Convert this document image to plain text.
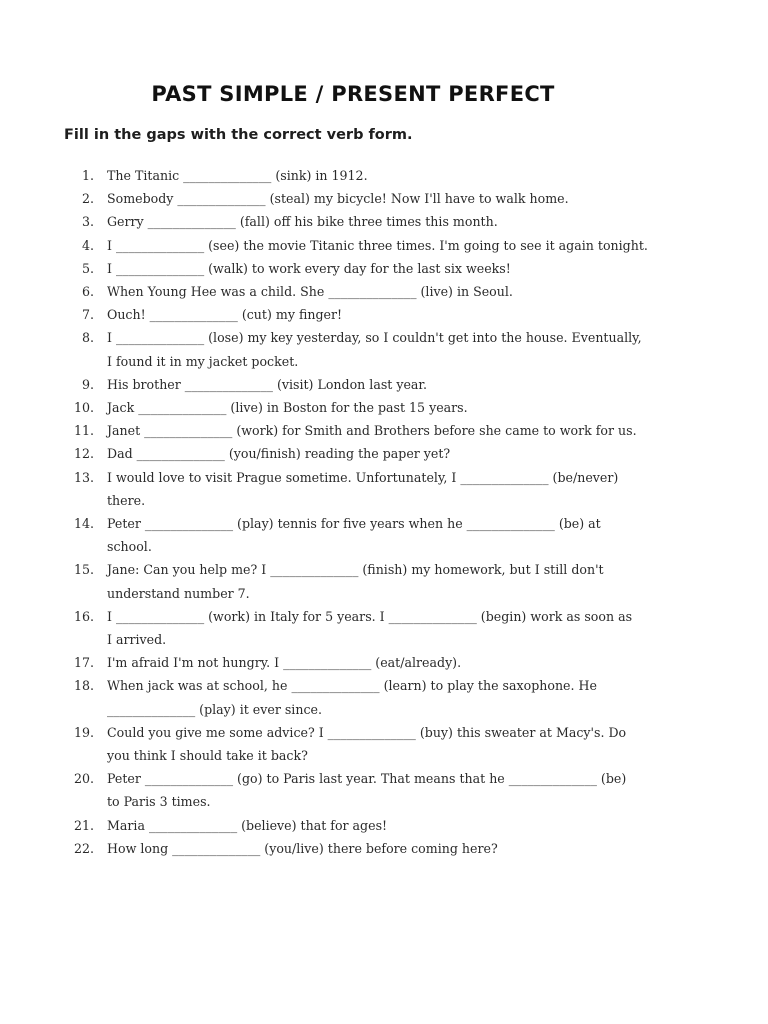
PAST SIMPLE / PRESENT PERFECT
Fill in the gaps with the correct verb form.
1.	The Titanic ______________ (sink) in 1912.
2.	Somebody ______________ (steal) my bicycle! Now I'll have to walk home.
3.	Gerry ______________ (fall) off his bike three times this month.
4.	I ______________ (see) the movie Titanic three times. I'm going to see it again tonight.
5.	I ______________ (walk) to work every day for the last six weeks!
6.	When Young Hee was a child. She ______________ (live) in Seoul.
7.	Ouch! ______________ (cut) my finger!
8.	I ______________ (lose) my key yesterday, so I couldn't get into the house. Eventually,
I found it in my jacket pocket.
9.	His brother ______________ (visit) London last year.
10.	Jack ______________ (live) in Boston for the past 15 years.
11.	Janet ______________ (work) for Smith and Brothers before she came to work for us.
12.	Dad ______________ (you/finish) reading the paper yet?
13.	I would love to visit Prague sometime. Unfortunately, I ______________ (be/never)
there.
14.	Peter ______________ (play) tennis for five years when he ______________ (be) at
school.
15.	Jane: Can you help me? I ______________ (finish) my homework, but I still don't
understand number 7.
16.	I ______________ (work) in Italy for 5 years. I ______________ (begin) work as soon as
I arrived.
17.	I'm afraid I'm not hungry. I ______________ (eat/already).
18.	When jack was at school, he ______________ (learn) to play the saxophone. He
______________ (play) it ever since.
19.	Could you give me some advice? I ______________ (buy) this sweater at Macy's. Do
you think I should take it back?
20.	Peter ______________ (go) to Paris last year. That means that he ______________ (be)
to Paris 3 times.
21.	Maria ______________ (believe) that for ages!
22.	How long ______________ (you/live) there before coming here?
